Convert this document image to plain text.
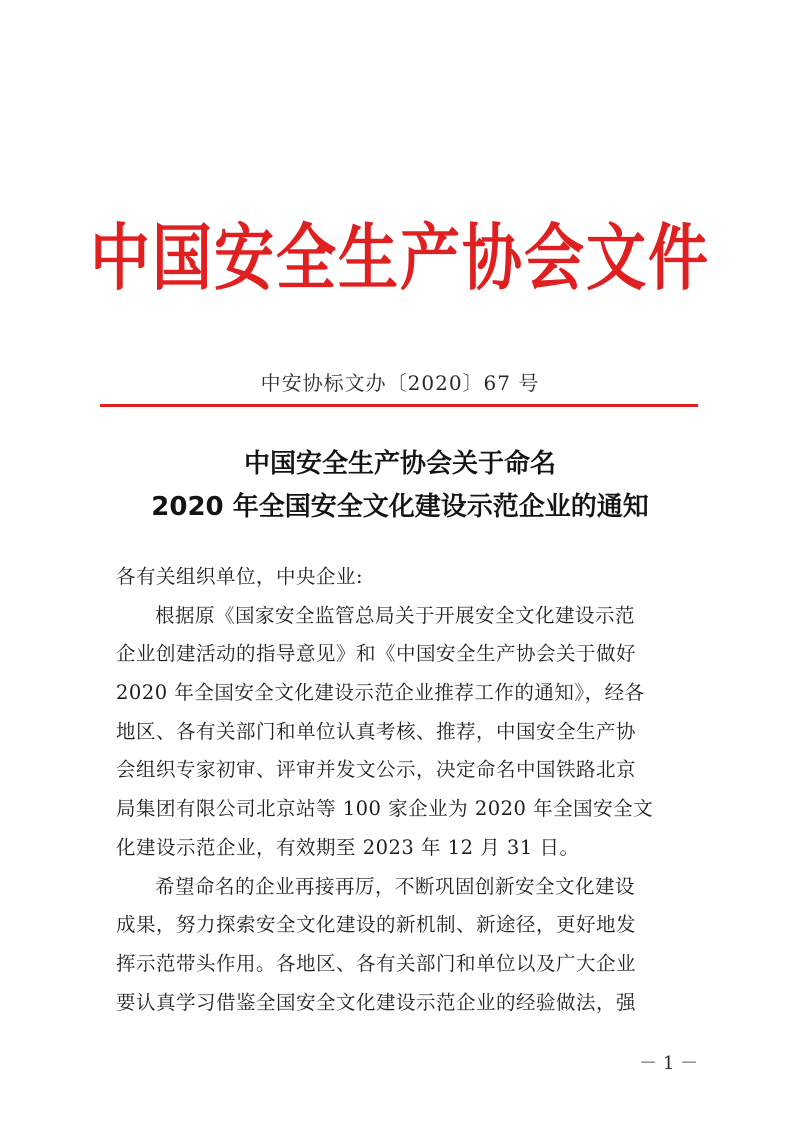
中国安全生产协会文件
中安协标文办〔2020〕67 号
中国安全生产协会关于命名
2020 年全国安全文化建设示范企业的通知
各有关组织单位，中央企业:
根据原《国家安全监管总局关于开展安全文化建设示范
企业创建活动的指导意见》和《中国安全生产协会关于做好
2020 年全国安全文化建设示范企业推荐工作的通知》，经各
地区、各有关部门和单位认真考核、推荐，中国安全生产协
会组织专家初审、评审并发文公示，决定命名中国铁路北京
局集团有限公司北京站等 100 家企业为 2020 年全国安全文
化建设示范企业，有效期至 2023 年 12 月 31 日。
希望命名的企业再接再厉，不断巩固创新安全文化建设
成果，努力探索安全文化建设的新机制、新途径，更好地发
挥示范带头作用。各地区、各有关部门和单位以及广大企业
要认真学习借鉴全国安全文化建设示范企业的经验做法，强
－ 1 －
